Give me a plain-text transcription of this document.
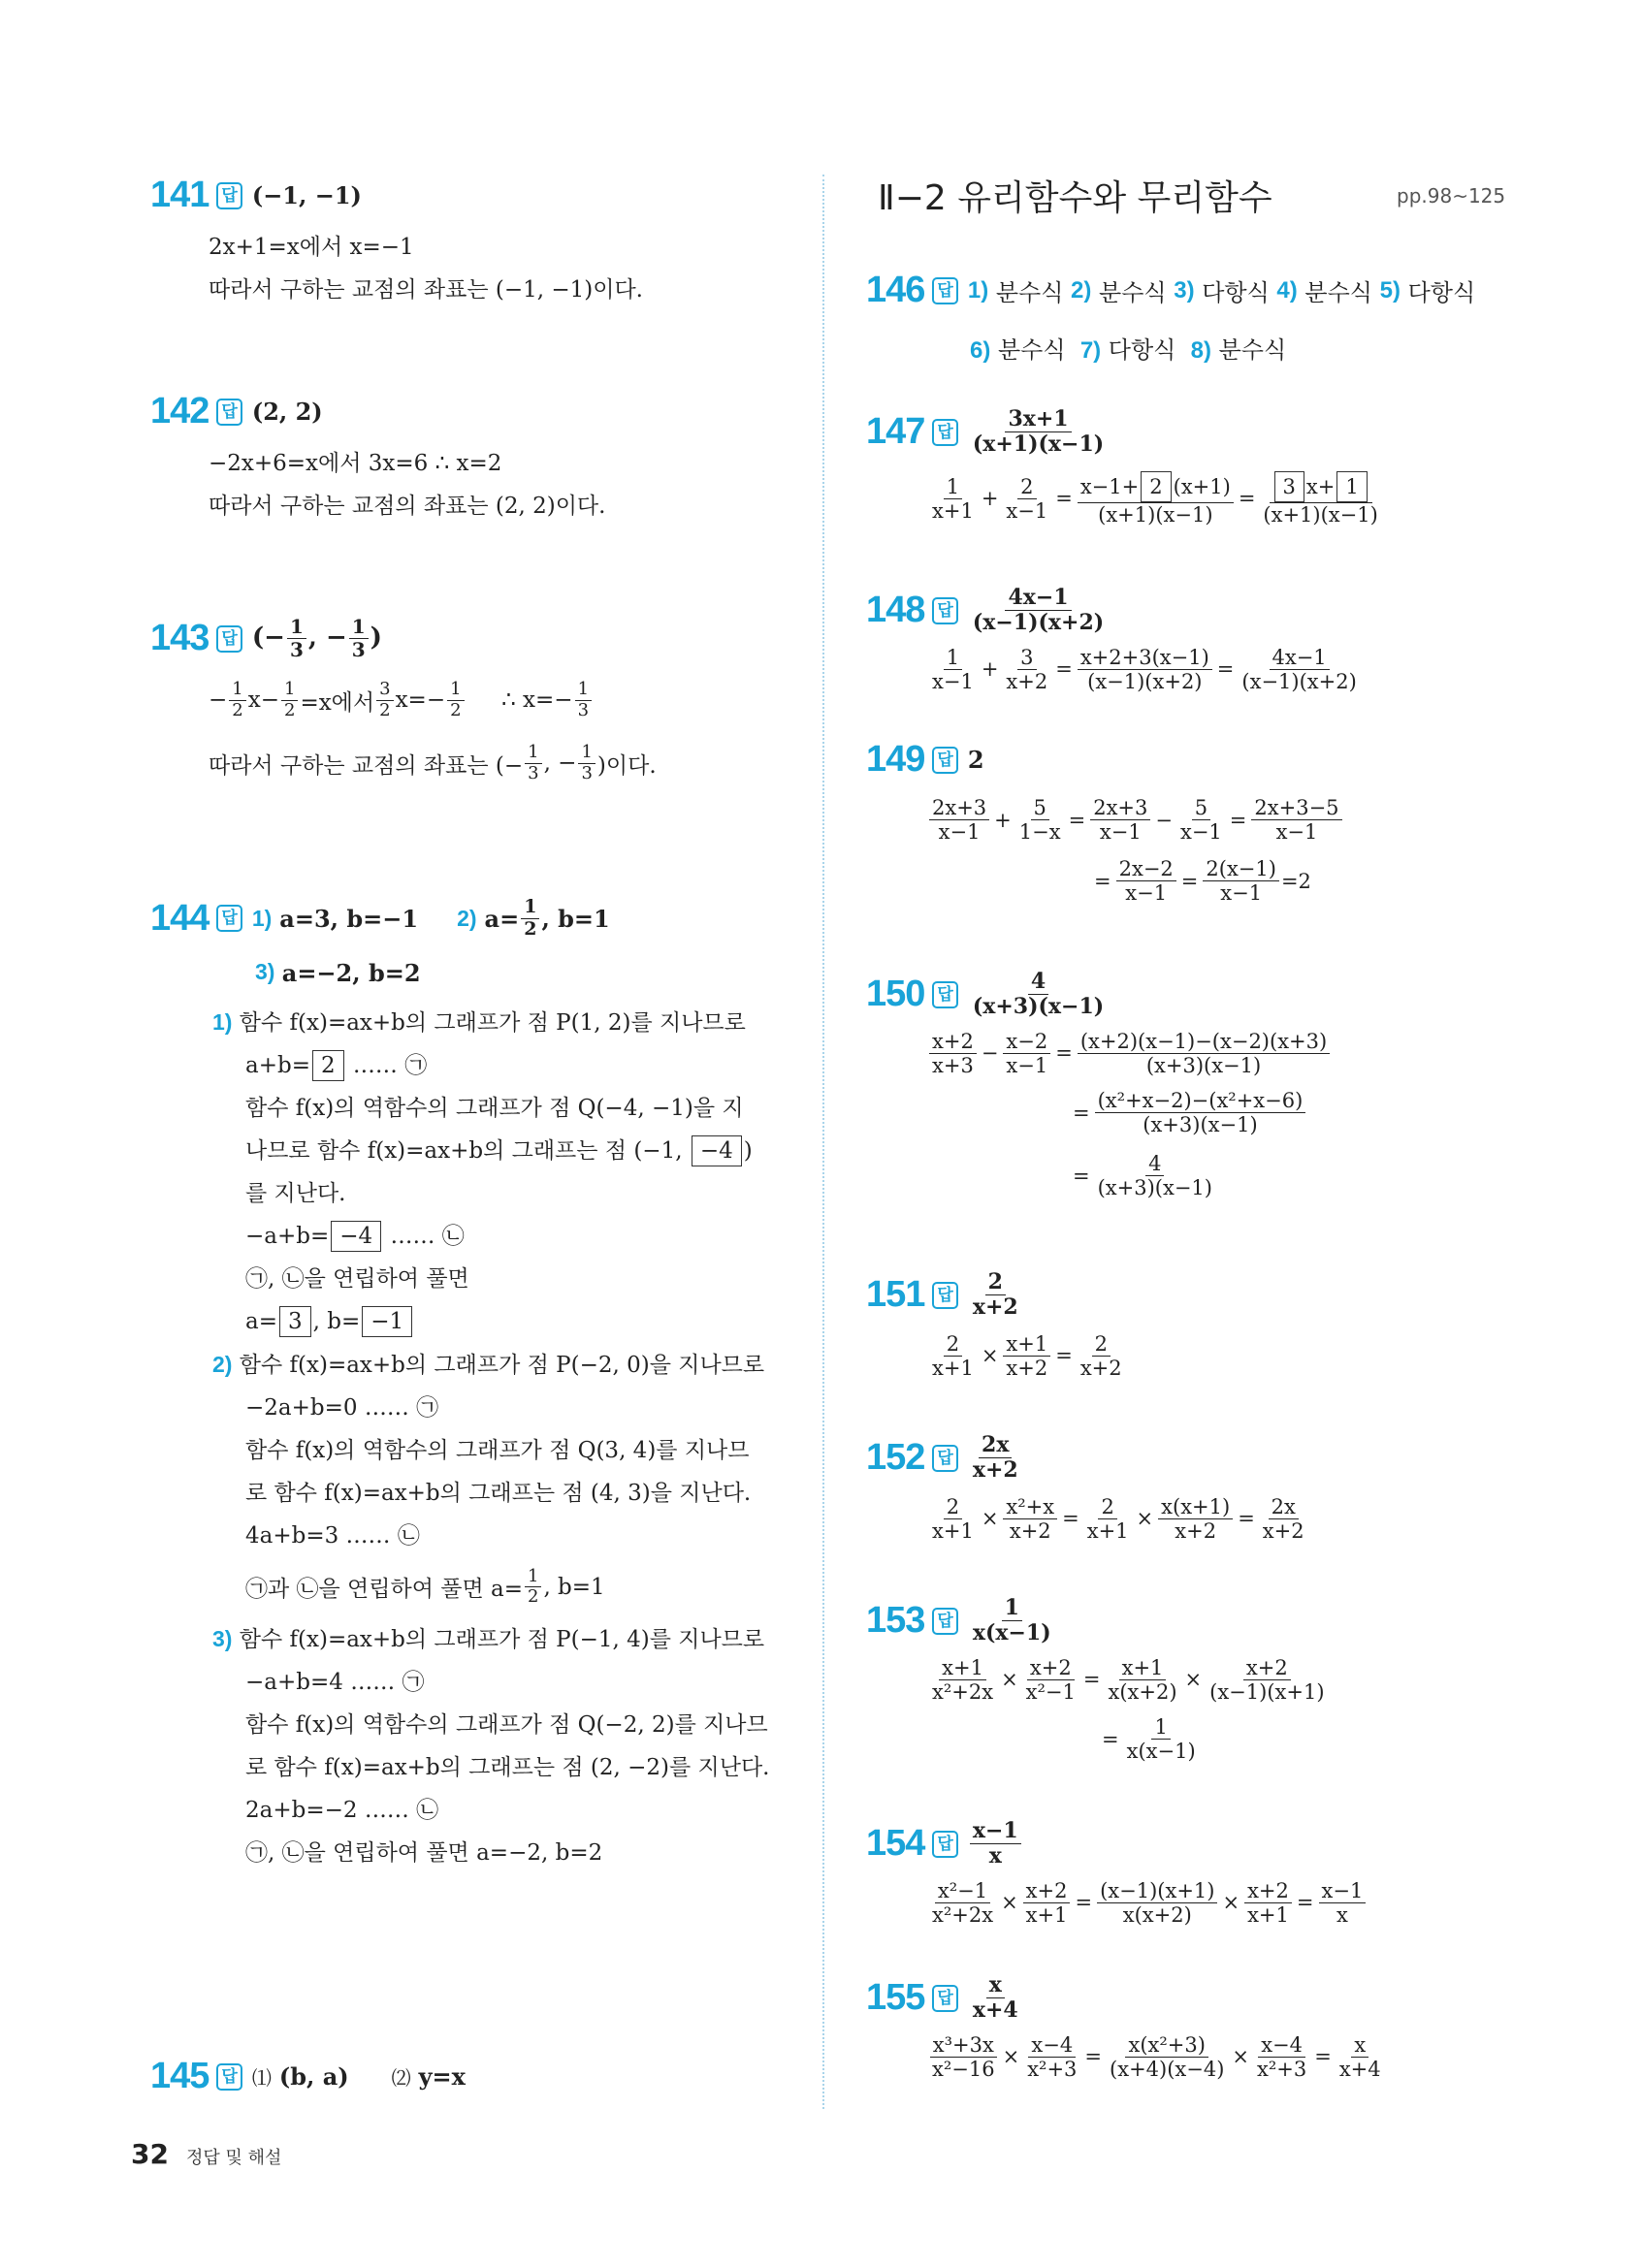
Ⅱ−2 유리함수와 무리함수	pp.98~125
141 답 (−1, −1)
2x+1=x에서 x=−1
따라서 구하는 교점의 좌표는 (−1, −1)이다.
142 답 (2, 2)
−2x+6=x에서 3x=6 ∴ x=2
따라서 구하는 교점의 좌표는 (2, 2)이다.
143 답 (− $\frac{1}{3}$ , − $\frac{1}{3}$ )
− $\frac{1}{2} x- \frac{1}{2} =x$에서 $\frac{3}{2} x=- \frac{1}{2}$ ∴ $x=- \frac{1}{3}$
따라서 구하는 교점의 좌표는 (− $\frac{1}{3}$ , − $\frac{1}{3}$ )이다.
144 답 1) a=3, b=−1 2) $a= \frac{1}{2}$ , b=1
3) a=−2, b=2
1) 함수 f(x)=ax+b의 그래프가 점 P(1, 2)를 지나므로
a+b= 2 …… ㉠
함수 f(x)의 역함수의 그래프가 점 Q(−4, −1)을 지
나므로 함수 f(x)=ax+b의 그래프는 점 (−1, −4 )
를 지난다.
−a+b= −4 …… ㉡
㉠, ㉡을 연립하여 풀면
a= 3 , b= −1
2) 함수 f(x)=ax+b의 그래프가 점 P(−2, 0)을 지나므로
−2a+b=0 …… ㉠
함수 f(x)의 역함수의 그래프가 점 Q(3, 4)를 지나므
로 함수 f(x)=ax+b의 그래프는 점 (4, 3)을 지난다.
4a+b=3 …… ㉡
㉠과 ㉡을 연립하여 풀면 $a= \frac{1}{2}$ , b=1
3) 함수 f(x)=ax+b의 그래프가 점 P(−1, 4)를 지나므로
−a+b=4 …… ㉠
함수 f(x)의 역함수의 그래프가 점 Q(−2, 2)를 지나므
로 함수 f(x)=ax+b의 그래프는 점 (2, −2)를 지난다.
2a+b=−2 …… ㉡
㉠, ㉡을 연립하여 풀면 a=−2, b=2
145 답 ⑴ (b, a) ⑵ y=x
146 답 1)
분수식
2)
분수식
3)
다항식
4)
분수식
5)
다항식
6) 분수식 7) 다항식 8) 분수식
147 답 $\frac{3x+1}{(x+1)(x-1)}$
$\frac{1}{x+1} + \frac{2}{x-1} = \frac{x-1+ 2 (x+1)}{(x+1)(x-1)} = \frac{3 x+ 1}{(x+1)(x-1)}$
148 답 $\frac{4x-1}{(x-1)(x+2)}$
$\frac{1}{x-1} + \frac{3}{x+2} = \frac{x+2+3(x-1)}{(x-1)(x+2)} = \frac{4x-1}{(x-1)(x+2)}$
149 답 2
$\frac{2x+3}{x-1} + \frac{5}{1-x} = \frac{2x+3}{x-1} - \frac{5}{x-1} = \frac{2x+3-5}{x-1}$
= $\frac{2x-2}{x-1} = \frac{2(x-1)}{x-1} =2$
150 답 $\frac{4}{(x+3)(x-1)}$
$\frac{x+2}{x+3} - \frac{x-2}{x-1} = \frac{(x+2)(x-1)-(x-2)(x+3)}{(x+3)(x-1)}$
= $\frac{\text{(x²+x−2)−(x²+x−6)}}{(x+3)(x-1)}$
= $\frac{4}{(x+3)(x-1)}$
151 답 $\frac{2}{x+2}$
$\frac{2}{x+1} \times \frac{x+1}{x+2} = \frac{2}{x+2}$
152 답 $\frac{2x}{x+2}$
$\frac{2}{x+1} \times \frac{\text{x²+x}}{x+2} = \frac{2}{x+1} \times \frac{x(x+1)}{x+2} = \frac{2x}{x+2}$
153 답 $\frac{1}{x(x-1)}$
$\frac{x+1}{\text{x²+2x}} \times \frac{x+2}{\text{x²−1}} = \frac{x+1}{x(x+2)} \times \frac{x+2}{(x-1)(x+1)}$
= $\frac{1}{x(x-1)}$
154 답 $\frac{x-1}{x}$
$\frac{\text{x²−1}}{\text{x²+2x}} \times \frac{x+2}{x+1} = \frac{(x-1)(x+1)}{x(x+2)} \times \frac{x+2}{x+1} = \frac{x-1}{x}$
155 답 $\frac{x}{x+4}$
$\frac{\text{x³+3x}}{\text{x²−16}} \times \frac{x-4}{\text{x²+3}} = \frac{\text{x(x²+3)}}{(x+4)(x-4)} \times \frac{x-4}{\text{x²+3}} = \frac{x}{x+4}$
32 정답 및 해설
